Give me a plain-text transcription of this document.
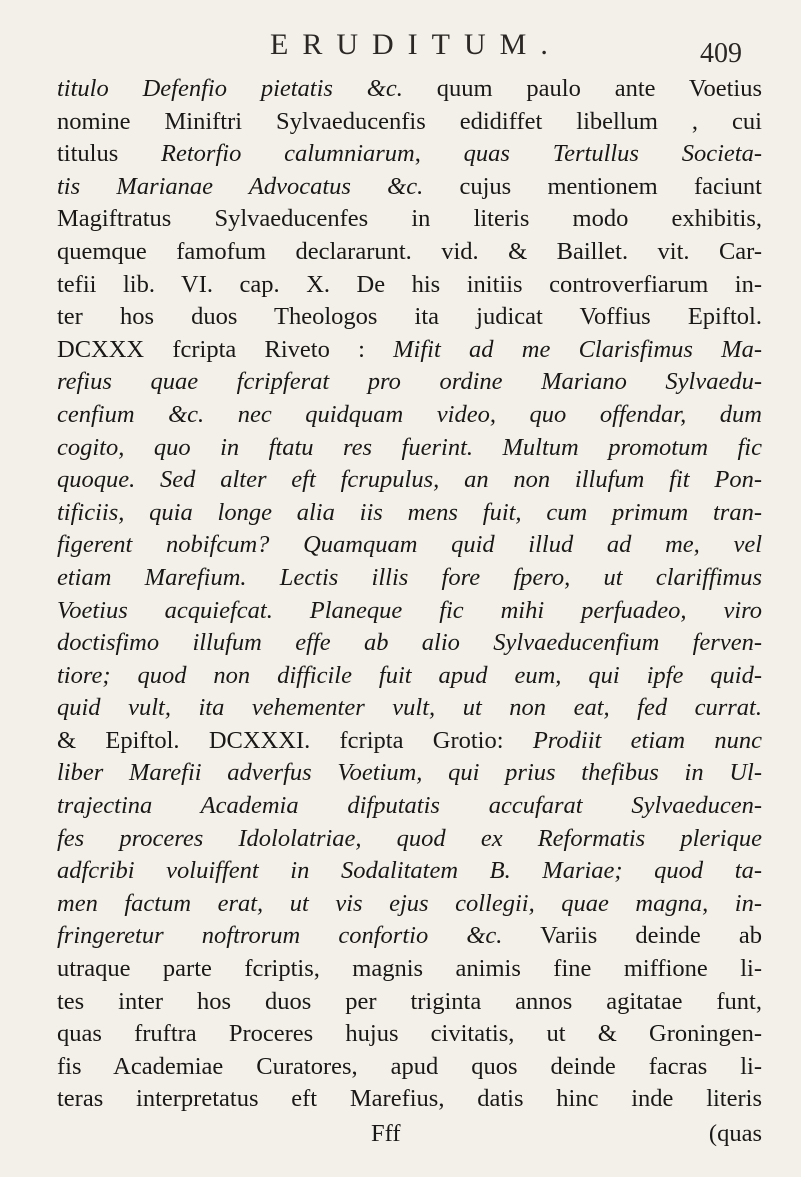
ERUDITUM.	409
titulo Defenfio pietatis &c. quum paulo ante Voetius
nomine Miniftri Sylvaeducenfis edidiffet libellum , cui
titulus Retorfio calumniarum, quas Tertullus Societa-
tis Marianae Advocatus &c. cujus mentionem faciunt
Magiftratus Sylvaeducenfes in literis modo exhibitis,
quemque famofum declararunt. vid. & Baillet. vit. Car-
tefii lib. VI. cap. X. De his initiis controverfiarum in-
ter hos duos Theologos ita judicat Voffius Epiftol.
DCXXX fcripta Riveto : Mifit ad me Clarisfimus Ma-
refius quae fcripferat pro ordine Mariano Sylvaedu-
cenfium &c. nec quidquam video, quo offendar, dum
cogito, quo in ftatu res fuerint. Multum promotum fic
quoque. Sed alter eft fcrupulus, an non illufum fit Pon-
tificiis, quia longe alia iis mens fuit, cum primum tran-
figerent nobifcum? Quamquam quid illud ad me, vel
etiam Marefium. Lectis illis fore fpero, ut clariffimus
Voetius acquiefcat. Planeque fic mihi perfuadeo, viro
doctisfimo illufum effe ab alio Sylvaeducenfium ferven-
tiore; quod non difficile fuit apud eum, qui ipfe quid-
quid vult, ita vehementer vult, ut non eat, fed currat.
& Epiftol. DCXXXI. fcripta Grotio: Prodiit etiam nunc
liber Marefii adverfus Voetium, qui prius thefibus in Ul-
trajectina Academia difputatis accufarat Sylvaeducen-
fes proceres Idololatriae, quod ex Reformatis plerique
adfcribi voluiffent in Sodalitatem B. Mariae; quod ta-
men factum erat, ut vis ejus collegii, quae magna, in-
fringeretur noftrorum confortio &c. Variis deinde ab
utraque parte fcriptis, magnis animis fine miffione li-
tes inter hos duos per triginta annos agitatae funt,
quas fruftra Proceres hujus civitatis, ut & Groningen-
fis Academiae Curatores, apud quos deinde facras li-
teras interpretatus eft Marefius, datis hinc inde literis
Fff	(quas
